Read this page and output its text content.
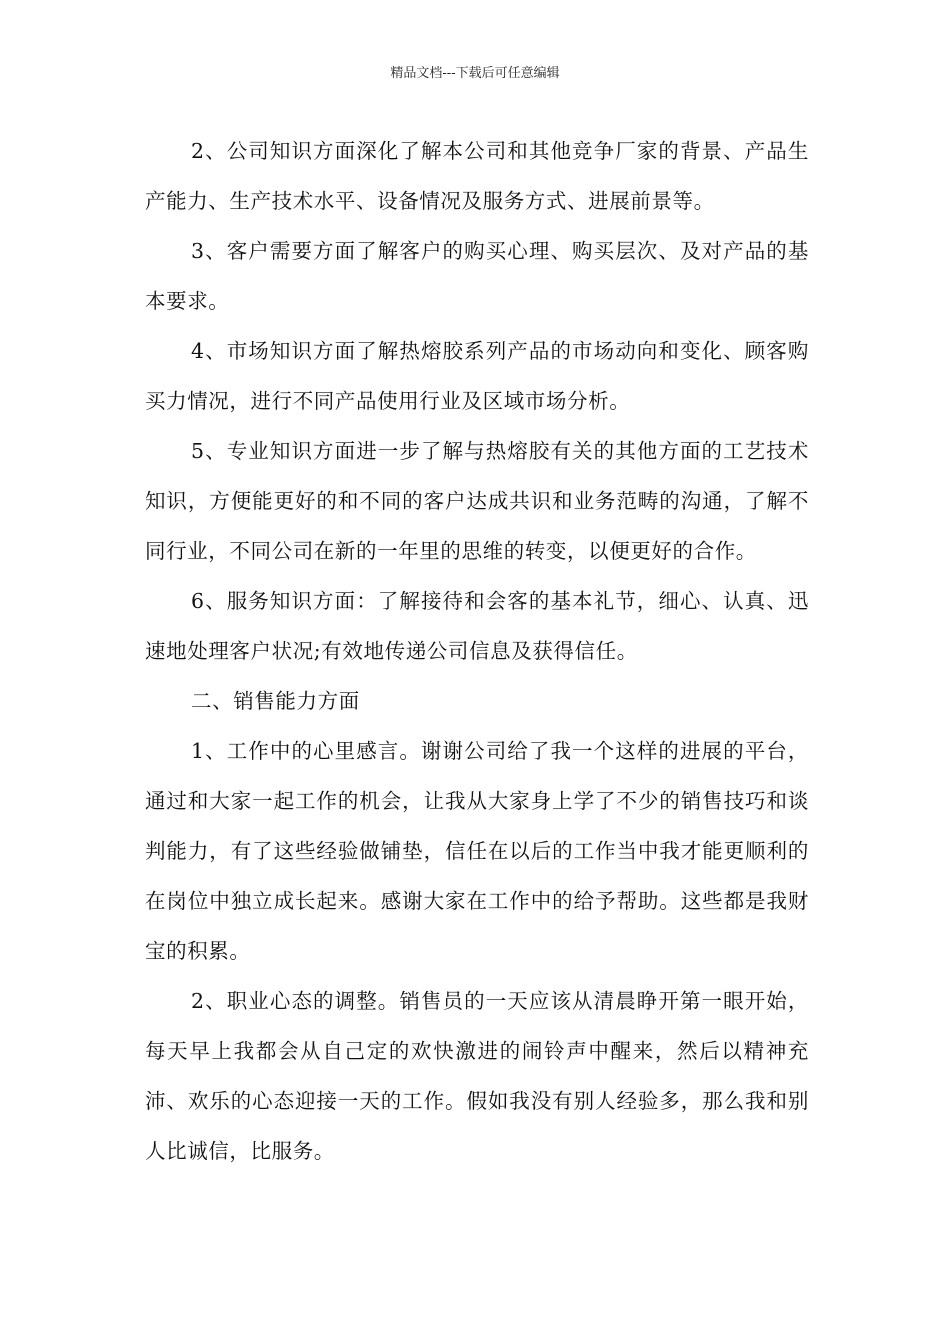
精品文档---下载后可任意编辑

2、公司知识方面深化了解本公司和其他竞争厂家的背景、产品生产能力、生产技术水平、设备情况及服务方式、进展前景等。

3、客户需要方面了解客户的购买心理、购买层次、及对产品的基本要求。

4、市场知识方面了解热熔胶系列产品的市场动向和变化、顾客购买力情况，进行不同产品使用行业及区域市场分析。

5、专业知识方面进一步了解与热熔胶有关的其他方面的工艺技术知识，方便能更好的和不同的客户达成共识和业务范畴的沟通，了解不同行业，不同公司在新的一年里的思维的转变，以便更好的合作。

6、服务知识方面：了解接待和会客的基本礼节，细心、认真、迅速地处理客户状况;有效地传递公司信息及获得信任。

二、销售能力方面

1、工作中的心里感言。谢谢公司给了我一个这样的进展的平台，通过和大家一起工作的机会，让我从大家身上学了不少的销售技巧和谈判能力，有了这些经验做铺垫，信任在以后的工作当中我才能更顺利的在岗位中独立成长起来。感谢大家在工作中的给予帮助。这些都是我财宝的积累。

2、职业心态的调整。销售员的一天应该从清晨睁开第一眼开始，每天早上我都会从自己定的欢快激进的闹铃声中醒来，然后以精神充沛、欢乐的心态迎接一天的工作。假如我没有别人经验多，那么我和别人比诚信，比服务。
